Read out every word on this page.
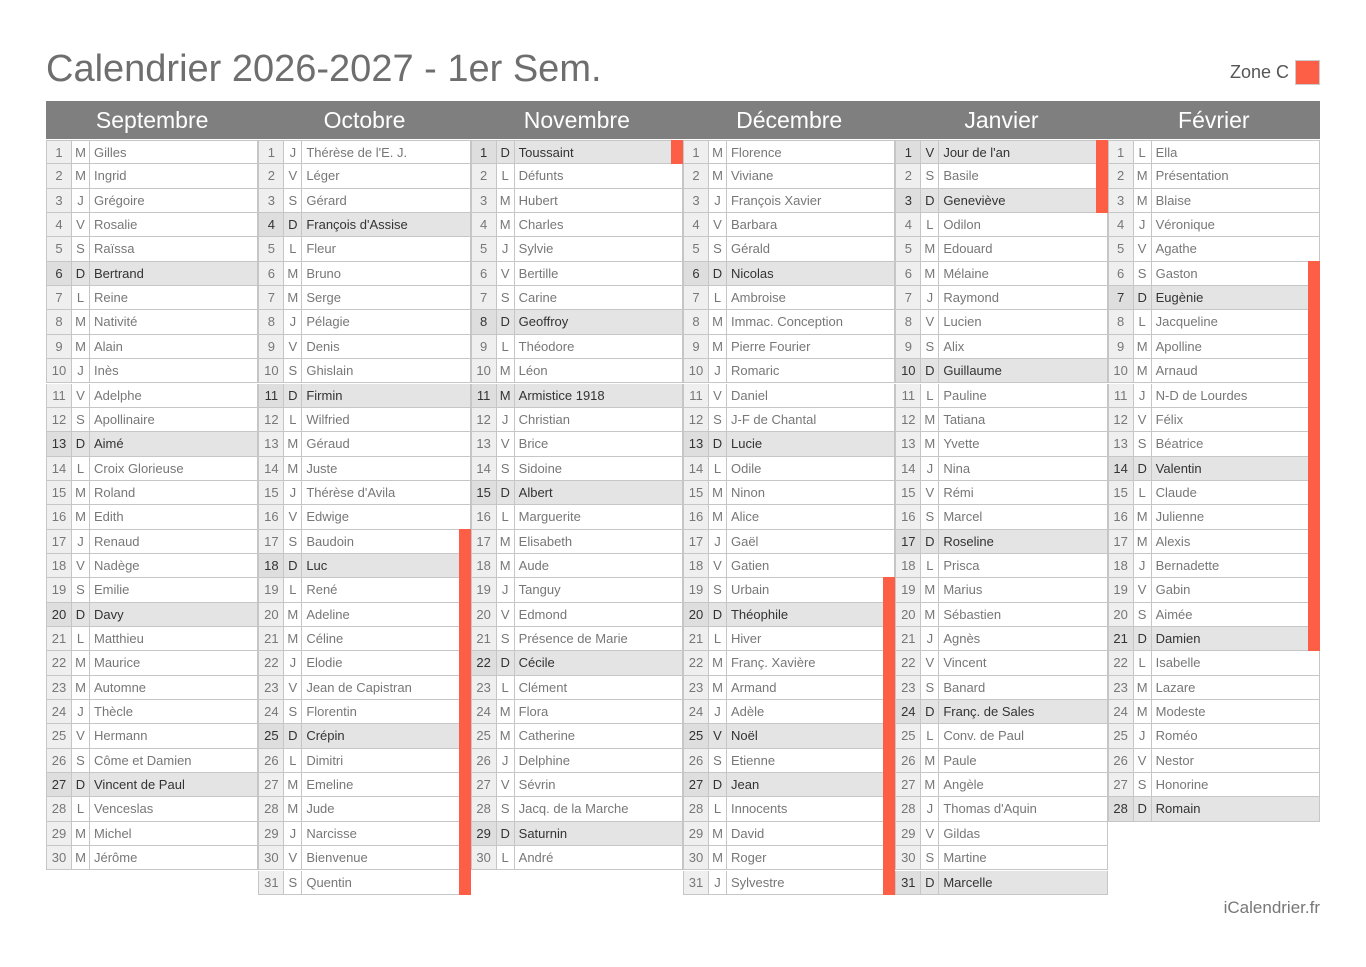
Calendrier 2026-2027 - 1er Sem.	Zone C
Septembre
1 M Gilles
2 M Ingrid
3	J Grégoire
4	V Rosalie
5	S Raïssa
6	D Bertrand
7	L Reine
8 M Nativité
9 M Alain
10 J Inès
11 V Adelphe
12 S Apollinaire
13 D Aimé
14 L Croix Glorieuse
15 M Roland
16 M Edith
17 J Renaud
18 V Nadège
19 S Emilie
20 D Davy
21 L Matthieu
22 M Maurice
23 M Automne
24 J Thècle
25 V Hermann
26 S Côme et Damien
27 D Vincent de Paul
28 L Venceslas
29 M Michel
30 M Jérôme
Octobre
1	J Thérèse de l'E. J.
2	V Léger
3	S Gérard
4	D François d'Assise
5	L Fleur
6 M Bruno
7 M Serge
8	J Pélagie
9	V Denis
10 S Ghislain
11 D Firmin
12 L Wilfried
13 M Géraud
14 M Juste
15 J Thérèse d'Avila
16 V Edwige
17 S Baudoin
18 D Luc
19 L René
20 M Adeline
21 M Céline
22 J Elodie
23 V Jean de Capistran
24 S Florentin
25 D Crépin
26 L Dimitri
27 M Emeline
28 M Jude
29 J Narcisse
30 V Bienvenue
31 S Quentin
Novembre
1	D Toussaint
2	L Défunts
3 M Hubert
4 M Charles
5	J Sylvie
6	V Bertille
7	S Carine
8	D Geoffroy
9	L Théodore
10 M Léon
11 M Armistice 1918
12 J Christian
13 V Brice
14 S Sidoine
15 D Albert
16 L Marguerite
17 M Elisabeth
18 M Aude
19 J Tanguy
20 V Edmond
21 S Présence de Marie
22 D Cécile
23 L Clément
24 M Flora
25 M Catherine
26 J Delphine
27 V Sévrin
28 S Jacq. de la Marche
29 D Saturnin
30 L André
Décembre
1 M Florence
2 M Viviane
3	J François Xavier
4	V Barbara
5	S Gérald
6	D Nicolas
7	L Ambroise
8 M Immac. Conception
9 M Pierre Fourier
10 J Romaric
11 V Daniel
12 S J-F de Chantal
13 D Lucie
14 L Odile
15 M Ninon
16 M Alice
17 J Gaël
18 V Gatien
19 S Urbain
20 D Théophile
21 L Hiver
22 M Franç. Xavière
23 M Armand
24 J Adèle
25 V Noël
26 S Etienne
27 D Jean
28 L Innocents
29 M David
30 M Roger
31 J Sylvestre
Janvier
1	V Jour de l'an
2	S Basile
3	D Geneviève
4	L Odilon
5 M Edouard
6 M Mélaine
7	J Raymond
8	V Lucien
9	S Alix
10 D Guillaume
11 L Pauline
12 M Tatiana
13 M Yvette
14 J Nina
15 V Rémi
16 S Marcel
17 D Roseline
18 L Prisca
19 M Marius
20 M Sébastien
21 J Agnès
22 V Vincent
23 S Banard
24 D Franç. de Sales
25 L Conv. de Paul
26 M Paule
27 M Angèle
28 J Thomas d'Aquin
29 V Gildas
30 S Martine
31 D Marcelle
Février
1	L Ella
2 M Présentation
3 M Blaise
4	J Véronique
5	V Agathe
6	S Gaston
7	D Eugènie
8	L Jacqueline
9 M Apolline
10 M Arnaud
11 J N-D de Lourdes
12 V Félix
13 S Béatrice
14 D Valentin
15 L Claude
16 M Julienne
17 M Alexis
18 J Bernadette
19 V Gabin
20 S Aimée
21 D Damien
22 L Isabelle
23 M Lazare
24 M Modeste
25 J Roméo
26 V Nestor
27 S Honorine
28 D Romain
iCalendrier.fr
